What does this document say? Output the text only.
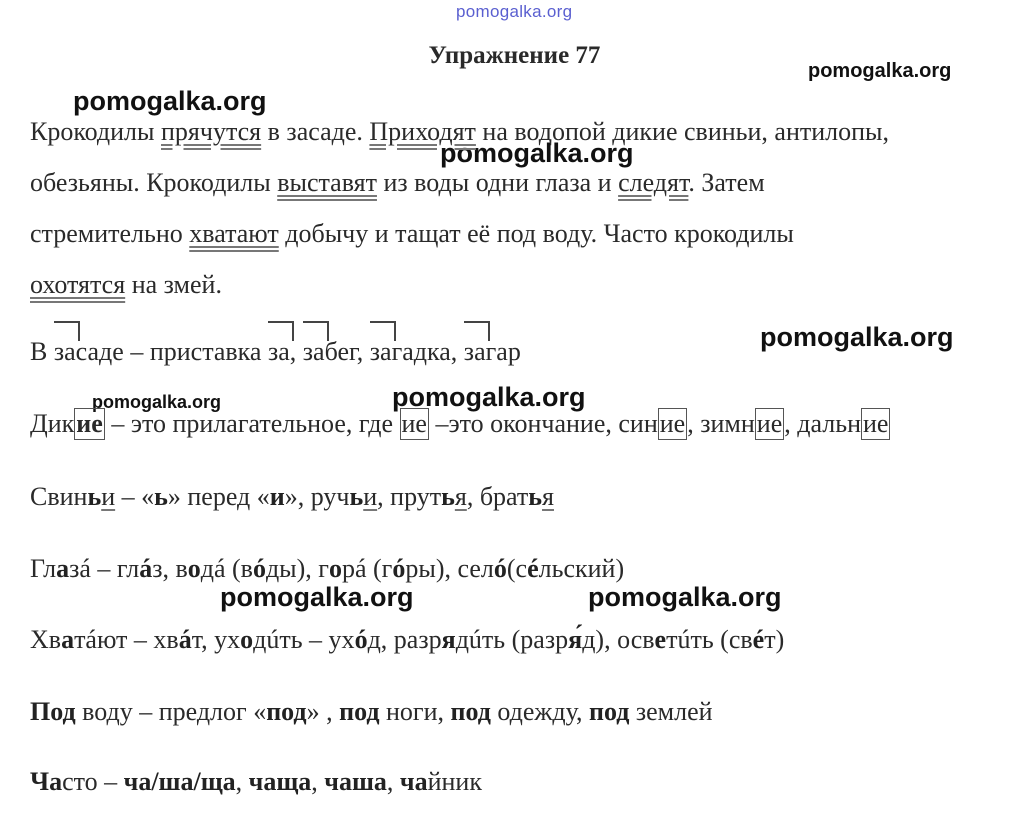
pomogalka.org
pomogalka.org
pomogalka.org
pomogalka.org
pomogalka.org
pomogalka.org	pomogalka.org
pomogalka.org	pomogalka.org
Упражнение 77
Крокодилы прячутся в засаде. Приходят на водопой дикие свиньи, антилопы,
обезьяны. Крокодилы выставят из воды одни глаза и следят. Затем
стремительно хватают добычу и тащат её под воду. Часто крокодилы
охотятся на змей.
В засаде – приставка за, забег, загадка, загар
Дикие – это прилагательное, где ие –это окончание, синие, зимние, дальние
Свиньи – «ь» перед «и», ручьи, прутья, братья
Глазá – глáз, водá (вóды), горá (гóры), селó(сéльский)
Хватáют – хвáт, уходúть – ухóд, разрядúть (разря́д), осветúть (свéт)
Под воду – предлог «под» , под ноги, под одежду, под землей
Часто – ча/ша/ща, чаща, чаша, чайник
